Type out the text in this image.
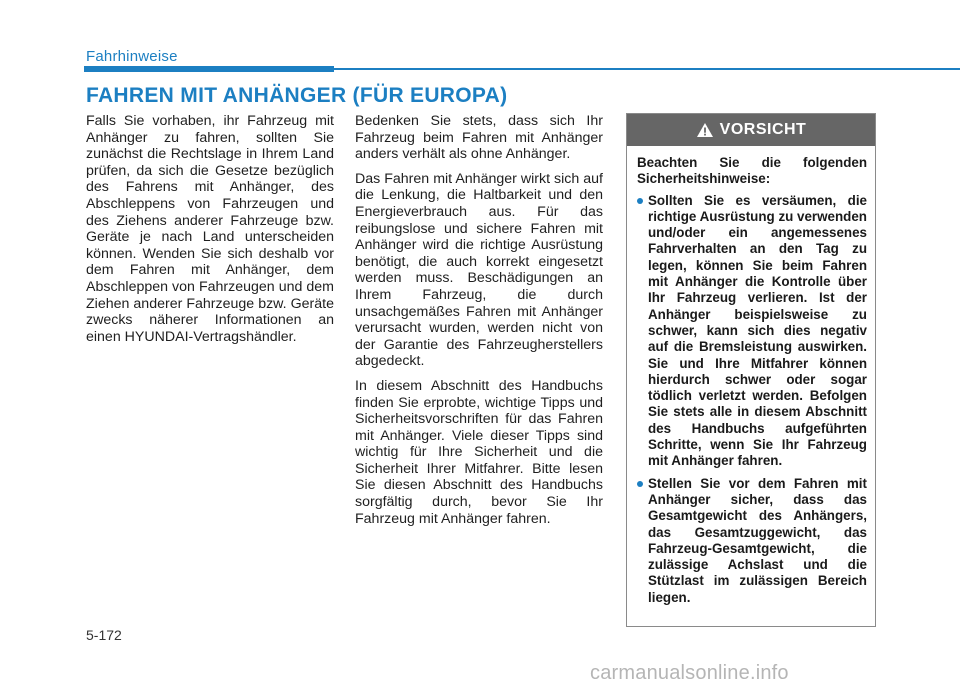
Fahrhinweise
FAHREN MIT ANHÄNGER (FÜR EUROPA)

Falls Sie vorhaben, ihr Fahrzeug mit Anhänger zu fahren, sollten Sie zunächst die Rechtslage in Ihrem Land prüfen, da sich die Gesetze bezüglich des Fahrens mit Anhänger, des Abschleppens von Fahrzeugen und des Ziehens anderer Fahrzeuge bzw. Geräte je nach Land unterscheiden können. Wenden Sie sich deshalb vor dem Fahren mit Anhänger, dem Abschleppen von Fahrzeugen und dem Ziehen anderer Fahrzeuge bzw. Geräte zwecks näherer Informationen an einen HYUNDAI-Vertragshändler.

Bedenken Sie stets, dass sich Ihr Fahrzeug beim Fahren mit Anhänger anders verhält als ohne Anhänger.

Das Fahren mit Anhänger wirkt sich auf die Lenkung, die Haltbarkeit und den Energieverbrauch aus. Für das reibungslose und sichere Fahren mit Anhänger wird die richtige Ausrüstung benötigt, die auch korrekt eingesetzt werden muss. Beschädigungen an Ihrem Fahrzeug, die durch unsachgemäßes Fahren mit Anhänger verursacht wurden, werden nicht von der Garantie des Fahrzeugherstellers abgedeckt.

In diesem Abschnitt des Handbuchs finden Sie erprobte, wichtige Tipps und Sicherheitsvorschriften für das Fahren mit Anhänger. Viele dieser Tipps sind wichtig für Ihre Sicherheit und die Sicherheit Ihrer Mitfahrer. Bitte lesen Sie diesen Abschnitt des Handbuchs sorgfältig durch, bevor Sie Ihr Fahrzeug mit Anhänger fahren.

VORSICHT

Beachten Sie die folgenden Sicherheitshinweise:

Sollten Sie es versäumen, die richtige Ausrüstung zu verwenden und/oder ein angemessenes Fahrverhalten an den Tag zu legen, können Sie beim Fahren mit Anhänger die Kontrolle über Ihr Fahrzeug verlieren. Ist der Anhänger beispielsweise zu schwer, kann sich dies negativ auf die Bremsleistung auswirken. Sie und Ihre Mitfahrer können hierdurch schwer oder sogar tödlich verletzt werden. Befolgen Sie stets alle in diesem Abschnitt des Handbuchs aufgeführten Schritte, wenn Sie Ihr Fahrzeug mit Anhänger fahren.
Stellen Sie vor dem Fahren mit Anhänger sicher, dass das Gesamtgewicht des Anhängers, das Gesamtzuggewicht, das Fahrzeug-Gesamtgewicht, die zulässige Achslast und die Stützlast im zulässigen Bereich liegen.
5-172
carmanualsonline.info
